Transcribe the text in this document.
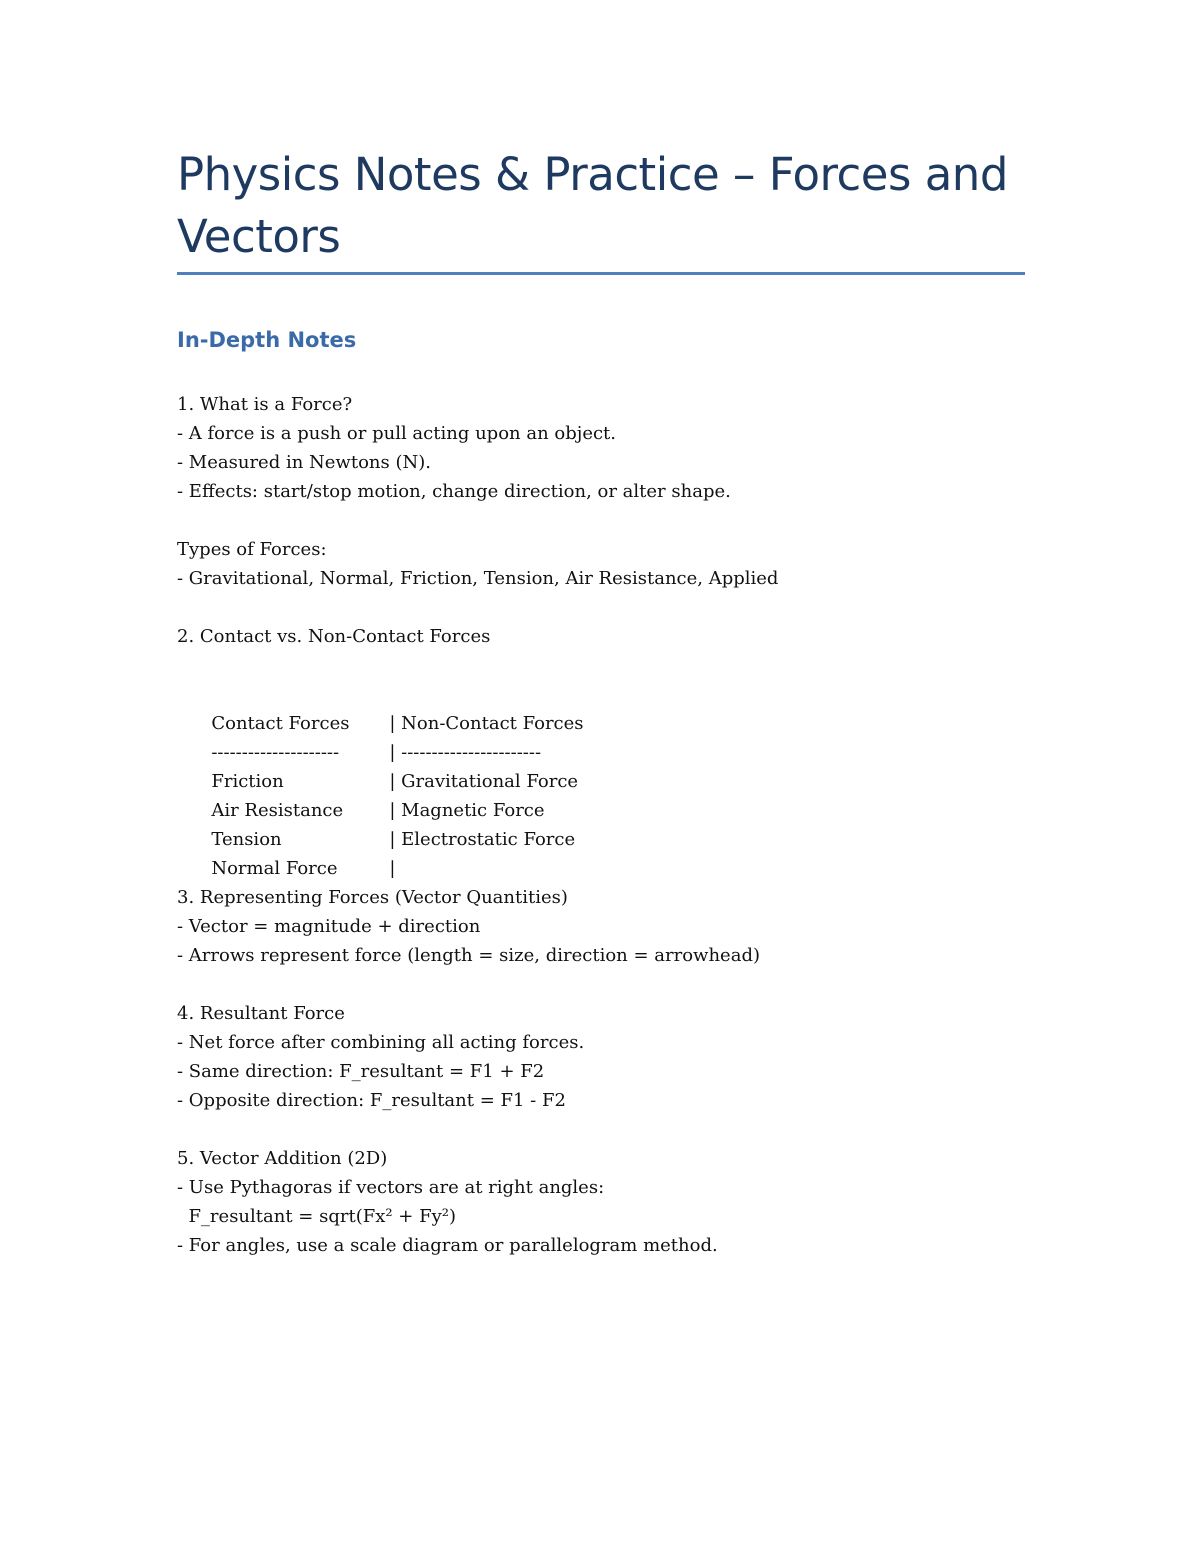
Physics Notes & Practice – Forces and Vectors
In-Depth Notes
1. What is a Force?
- A force is a push or pull acting upon an object.
- Measured in Newtons (N).
- Effects: start/stop motion, change direction, or alter shape.
Types of Forces:
- Gravitational, Normal, Friction, Tension, Air Resistance, Applied
2. Contact vs. Non-Contact Forces

Contact Forces | Non-Contact Forces

---------------------	| -----------------------

Friction	| Gravitational Force

Air Resistance	| Magnetic Force

Tension	| Electrostatic Force

Normal Force	|

3. Representing Forces (Vector Quantities)
- Vector = magnitude + direction
- Arrows represent force (length = size, direction = arrowhead)
4. Resultant Force
- Net force after combining all acting forces.
- Same direction: F_resultant = F1 + F2
- Opposite direction: F_resultant = F1 - F2
5. Vector Addition (2D)
- Use Pythagoras if vectors are at right angles:
F_resultant = sqrt(Fx² + Fy²)
- For angles, use a scale diagram or parallelogram method.
